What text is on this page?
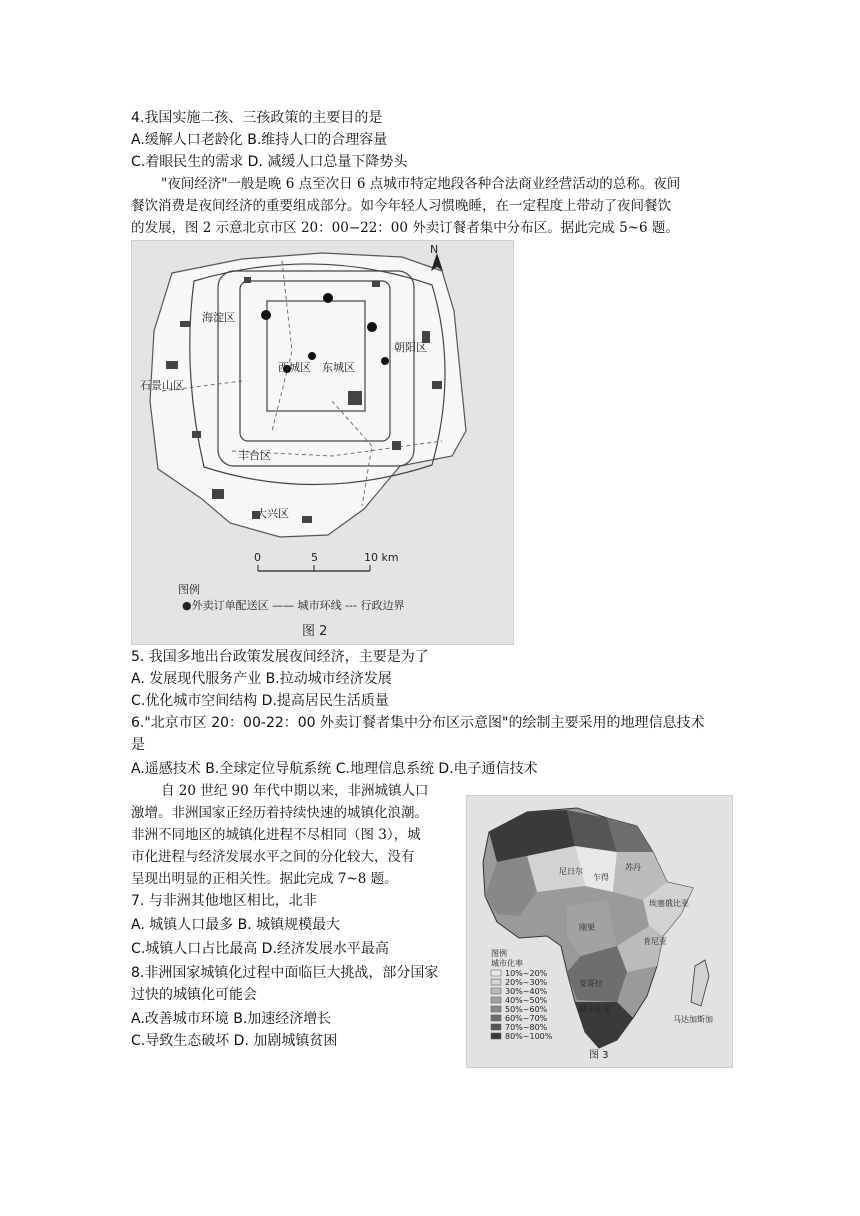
4.我国实施二孩、三孩政策的主要目的是
A.缓解人口老龄化 B.维持人口的合理容量
C.着眼民生的需求 D. 减缓人口总量下降势头
"夜间经济"一般是晚 6 点至次日 6 点城市特定地段各种合法商业经营活动的总称。夜间
餐饮消费是夜间经济的重要组成部分。如今年轻人习惯晚睡，在一定程度上带动了夜间餐饮
的发展，图 2 示意北京市区 20：00−22：00 外卖订餐者集中分布区。据此完成 5~6 题。
N
海淀区
朝阳区
西城区 东城区
石景山区
丰台区
大兴区
0	5	10 km
图例
●外卖订单配送区 —— 城市环线 --- 行政边界
图 2
5. 我国多地出台政策发展夜间经济，主要是为了
A. 发展现代服务产业 B.拉动城市经济发展
C.优化城市空间结构 D.提高居民生活质量
6."北京市区 20：00-22：00 外卖订餐者集中分布区示意图"的绘制主要采用的地理信息技术
是
A.遥感技术 B.全球定位导航系统 C.地理信息系统 D.电子通信技术
自 20 世纪 90 年代中期以来，非洲城镇人口
激增。非洲国家正经历着持续快速的城镇化浪潮。
非洲不同地区的城镇化进程不尽相同（图 3），城
市化进程与经济发展水平之间的分化较大，没有
呈现出明显的正相关性。据此完成 7~8 题。
7. 与非洲其他地区相比，北非
A. 城镇人口最多 B. 城镇规模最大
C.城镇人口占比最高 D.经济发展水平最高
8.非洲国家城镇化过程中面临巨大挑战，部分国家
过快的城镇化可能会
A.改善城市环境 B.加速经济增长
C.导致生态破坏 D. 加剧城镇贫困
尼日尔
乍得
苏丹
刚果
安哥拉
纳米比亚
马达加斯加
埃塞俄比亚
肯尼亚
图例
城市化率
10%~20%
20%~30%
30%~40%
40%~50%
50%~60%
60%~70%
70%~80%
80%~100%
图 3
